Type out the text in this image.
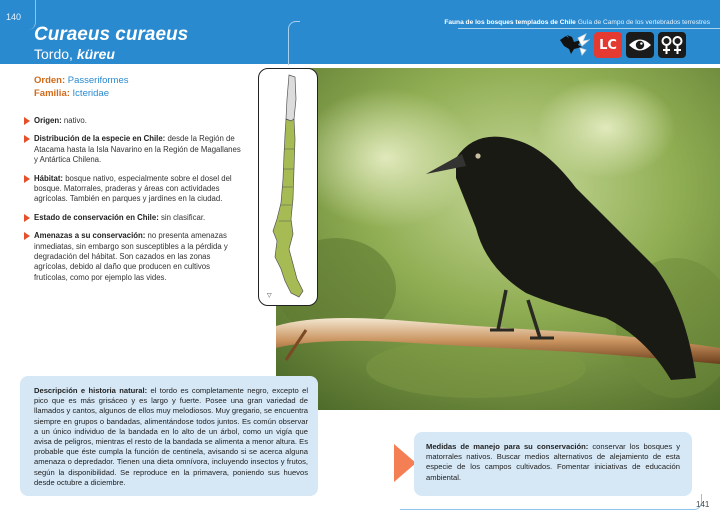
140
Curaeus curaeus
Tordo, küreu
Fauna de los bosques templados de Chile Guía de Campo de los vertebrados terrestres
LC
Orden: Passeriformes
Familia: Icteridae
Origen: nativo.
Distribución de la especie en Chile: desde la Región de Atacama hasta la Isla Navarino en la Región de Magallanes y Antártica Chilena.
Hábitat: bosque nativo, especialmente sobre el dosel del bosque. Matorrales, praderas y áreas con actividades agrícolas. También en parques y jardines en la ciudad.
Estado de conservación en Chile: sin clasificar.
Amenazas a su conservación: no presenta amenazas inmediatas, sin embargo son susceptibles a la pérdida y degradación del hábitat. Son cazados en las zonas agrícolas, debido al daño que producen en cultivos frutícolas, como por ejemplo las vides.
▽
Descripción e historia natural: el tordo es completamente negro, excepto el pico que es más grisáceo y es largo y fuerte. Posee una gran variedad de llamados y cantos, algunos de ellos muy melodiosos. Muy gregario, se encuentra siempre en grupos o bandadas, alimentándose todos juntos. Es común observar a un único individuo de la bandada en lo alto de un árbol, como un vigía que avisa de peligros, mientras el resto de la bandada se alimenta a menor altura. Es probable que éste cumpla la función de centinela, avisando si se acerca alguna amenaza o depredador. Tienen una dieta omnívora, incluyendo insectos y frutos, según la disponibilidad. Se reproduce en la primavera, poniendo sus huevos desde octubre a diciembre.
Medidas de manejo para su conservación: conservar los bosques y matorrales nativos. Buscar medios alternativos de alejamiento de esta especie de los campos cultivados. Fomentar iniciativas de educación ambiental.
141
